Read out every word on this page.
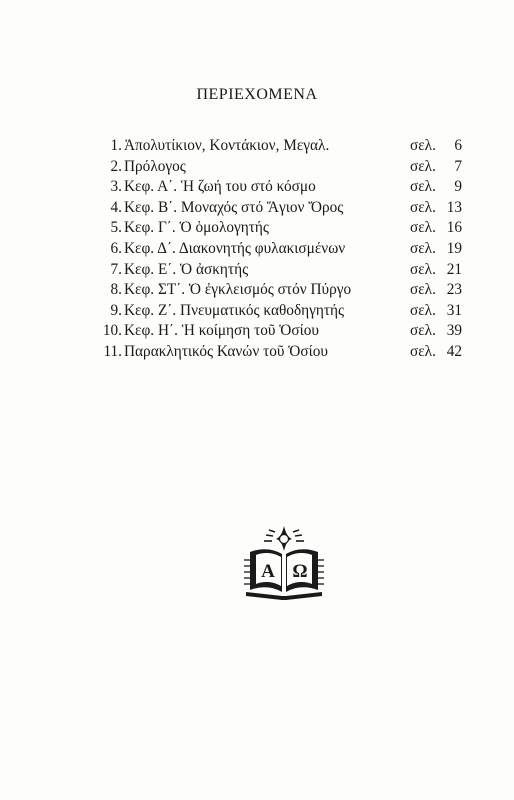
ΠΕΡΙΕΧΟΜΕΝΑ
1. Ἀπολυτίκιον, Κοντάκιον, Μεγαλ.	σελ.	6
2. Πρόλογος	σελ.	7
3. Κεφ. Α΄. Ἡ ζωή του στό κόσμο	σελ.	9
4. Κεφ. Β΄. Μοναχός στό Ἅγιον Ὄρος	σελ. 13
5. Κεφ. Γ΄. Ὁ ὁμολογητής	σελ. 16
6. Κεφ. Δ΄. Διακονητής φυλακισμένων	σελ. 19
7. Κεφ. Ε΄. Ὁ ἀσκητής	σελ. 21
8. Κεφ. ΣΤ΄. Ὁ ἐγκλεισμός στόν Πύργο	σελ. 23
9. Κεφ. Ζ΄. Πνευματικός καθοδηγητής	σελ. 31
10. Κεφ. Η΄. Ἡ κοίμηση τοῦ Ὁσίου	σελ. 39
11. Παρακλητικός Κανών τοῦ Ὁσίου	σελ. 42
Α Ω
